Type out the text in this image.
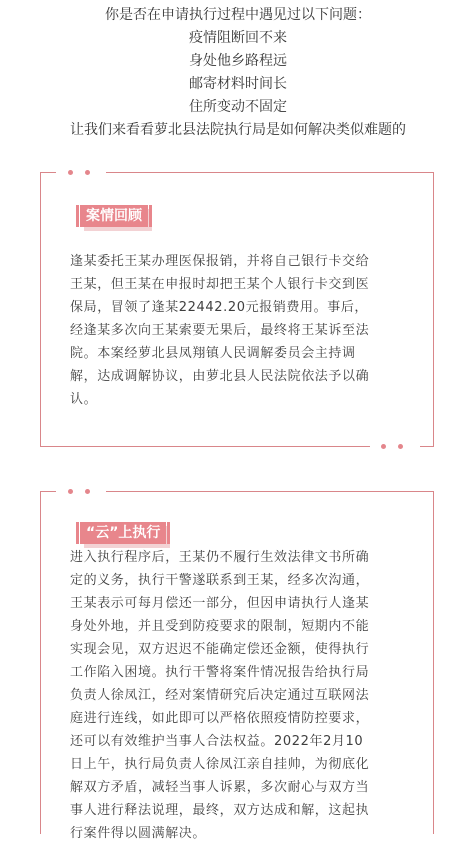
你是否在申请执行过程中遇见过以下问题：
疫情阻断回不来
身处他乡路程远
邮寄材料时间长
住所变动不固定
让我们来看看萝北县法院执行局是如何解决类似难题的
案情回顾
逢某委托王某办理医保报销，并将自己银行卡交给
王某，但王某在申报时却把王某个人银行卡交到医
保局，冒领了逢某22442.20元报销费用。事后，
经逢某多次向王某索要无果后，最终将王某诉至法
院。本案经萝北县凤翔镇人民调解委员会主持调
解，达成调解协议，由萝北县人民法院依法予以确
认。
“云”上执行
进入执行程序后，王某仍不履行生效法律文书所确
定的义务，执行干警遂联系到王某，经多次沟通，
王某表示可每月偿还一部分，但因申请执行人逢某
身处外地，并且受到防疫要求的限制，短期内不能
实现会见，双方迟迟不能确定偿还金额，使得执行
工作陷入困境。执行干警将案件情况报告给执行局
负责人徐凤江，经对案情研究后决定通过互联网法
庭进行连线，如此即可以严格依照疫情防控要求，
还可以有效维护当事人合法权益。2022年2月10
日上午，执行局负责人徐凤江亲自挂帅，为彻底化
解双方矛盾，减轻当事人诉累，多次耐心与双方当
事人进行释法说理，最终，双方达成和解，这起执
行案件得以圆满解决。
